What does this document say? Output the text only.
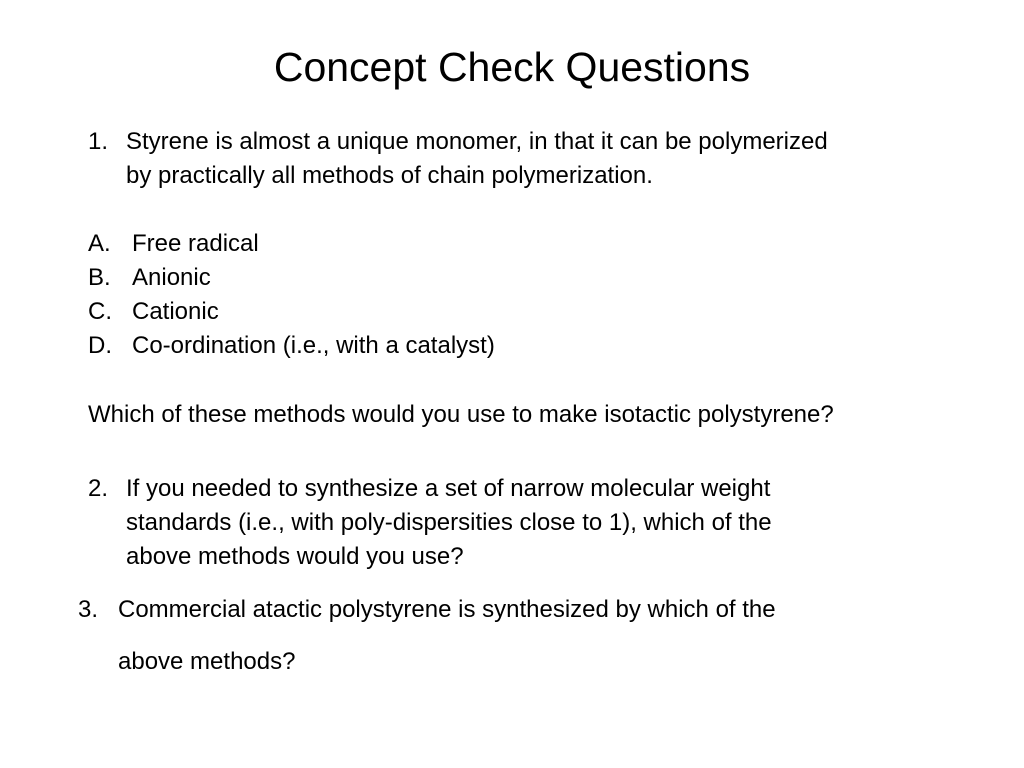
Concept Check Questions
1. Styrene is almost a unique monomer, in that it can be polymerized
by practically all methods of chain polymerization.
A. Free radical
B. Anionic
C. Cationic
D. Co-ordination (i.e., with a catalyst)
Which of these methods would you use to make isotactic polystyrene?
2. If you needed to synthesize a set of narrow molecular weight
standards (i.e., with poly-dispersities close to 1), which of the
above methods would you use?
3. Commercial atactic polystyrene is synthesized by which of the
above methods?
